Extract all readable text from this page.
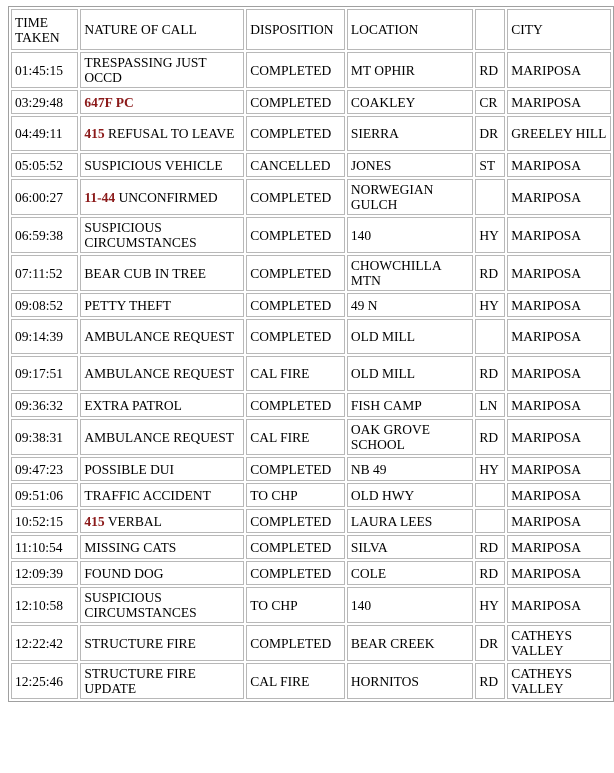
TIME TAKEN	NATURE OF CALL	DISPOSITION	LOCATION		CITY
01:45:15	TRESPASSING JUST OCCD	COMPLETED	MT OPHIR	RD	MARIPOSA
03:29:48	647F PC	COMPLETED	COAKLEY	CR	MARIPOSA
04:49:11	415 REFUSAL TO LEAVE	COMPLETED	SIERRA	DR	GREELEY HILL
05:05:52	SUSPICIOUS VEHICLE	CANCELLED	JONES	ST	MARIPOSA
06:00:27	11-44 UNCONFIRMED	COMPLETED	NORWEGIAN GULCH		MARIPOSA
06:59:38	SUSPICIOUS CIRCUMSTANCES	COMPLETED	140	HY	MARIPOSA
07:11:52	BEAR CUB IN TREE	COMPLETED	CHOWCHILLA MTN	RD	MARIPOSA
09:08:52	PETTY THEFT	COMPLETED	49 N	HY	MARIPOSA
09:14:39	AMBULANCE REQUEST	COMPLETED	OLD MILL		MARIPOSA
09:17:51	AMBULANCE REQUEST	CAL FIRE	OLD MILL	RD	MARIPOSA
09:36:32	EXTRA PATROL	COMPLETED	FISH CAMP	LN	MARIPOSA
09:38:31	AMBULANCE REQUEST	CAL FIRE	OAK GROVE SCHOOL	RD	MARIPOSA
09:47:23	POSSIBLE DUI	COMPLETED	NB 49	HY	MARIPOSA
09:51:06	TRAFFIC ACCIDENT	TO CHP	OLD HWY		MARIPOSA
10:52:15	415 VERBAL	COMPLETED	LAURA LEES		MARIPOSA
11:10:54	MISSING CATS	COMPLETED	SILVA	RD	MARIPOSA
12:09:39	FOUND DOG	COMPLETED	COLE	RD	MARIPOSA
12:10:58	SUSPICIOUS CIRCUMSTANCES	TO CHP	140	HY	MARIPOSA
12:22:42	STRUCTURE FIRE	COMPLETED	BEAR CREEK	DR	CATHEYS VALLEY
12:25:46	STRUCTURE FIRE UPDATE	CAL FIRE	HORNITOS	RD	CATHEYS VALLEY
